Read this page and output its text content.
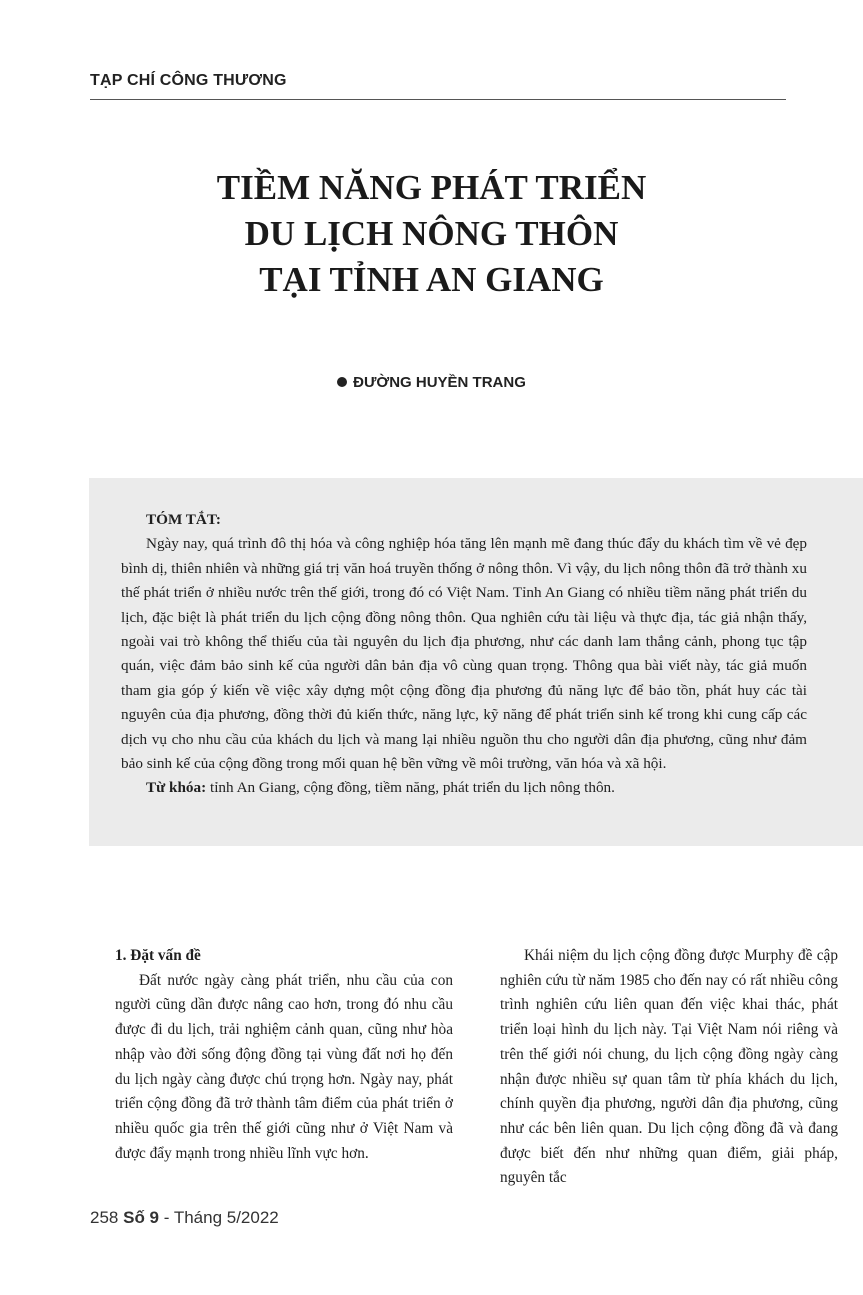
TẠP CHÍ CÔNG THƯƠNG
TIỀM NĂNG PHÁT TRIỂN
DU LỊCH NÔNG THÔN
TẠI TỈNH AN GIANG
ĐƯỜNG HUYỀN TRANG
TÓM TẮT:

Ngày nay, quá trình đô thị hóa và công nghiệp hóa tăng lên mạnh mẽ đang thúc đẩy du khách tìm về vẻ đẹp bình dị, thiên nhiên và những giá trị văn hoá truyền thống ở nông thôn. Vì vậy, du lịch nông thôn đã trở thành xu thế phát triển ở nhiều nước trên thế giới, trong đó có Việt Nam. Tỉnh An Giang có nhiều tiềm năng phát triển du lịch, đặc biệt là phát triển du lịch cộng đồng nông thôn. Qua nghiên cứu tài liệu và thực địa, tác giả nhận thấy, ngoài vai trò không thể thiếu của tài nguyên du lịch địa phương, như các danh lam thắng cảnh, phong tục tập quán, việc đảm bảo sinh kế của người dân bản địa vô cùng quan trọng. Thông qua bài viết này, tác giả muốn tham gia góp ý kiến về việc xây dựng một cộng đồng địa phương đủ năng lực để bảo tồn, phát huy các tài nguyên của địa phương, đồng thời đủ kiến thức, năng lực, kỹ năng để phát triển sinh kế trong khi cung cấp các dịch vụ cho nhu cầu của khách du lịch và mang lại nhiều nguồn thu cho người dân địa phương, cũng như đảm bảo sinh kế của cộng đồng trong mối quan hệ bền vững về môi trường, văn hóa và xã hội.

Từ khóa: tỉnh An Giang, cộng đồng, tiềm năng, phát triển du lịch nông thôn.

1. Đặt vấn đề

Đất nước ngày càng phát triển, nhu cầu của con người cũng dần được nâng cao hơn, trong đó nhu cầu được đi du lịch, trải nghiệm cảnh quan, cũng như hòa nhập vào đời sống động đồng tại vùng đất nơi họ đến du lịch ngày càng được chú trọng hơn. Ngày nay, phát triển cộng đồng đã trở thành tâm điểm của phát triển ở nhiều quốc gia trên thế giới cũng như ở Việt Nam và được đẩy mạnh trong nhiều lĩnh vực hơn.

Khái niệm du lịch cộng đồng được Murphy đề cập nghiên cứu từ năm 1985 cho đến nay có rất nhiều công trình nghiên cứu liên quan đến việc khai thác, phát triển loại hình du lịch này. Tại Việt Nam nói riêng và trên thế giới nói chung, du lịch cộng đồng ngày càng nhận được nhiều sự quan tâm từ phía khách du lịch, chính quyền địa phương, người dân địa phương, cũng như các bên liên quan. Du lịch cộng đồng đã và đang được biết đến như những quan điểm, giải pháp, nguyên tắc

258 Số 9 - Tháng 5/2022
